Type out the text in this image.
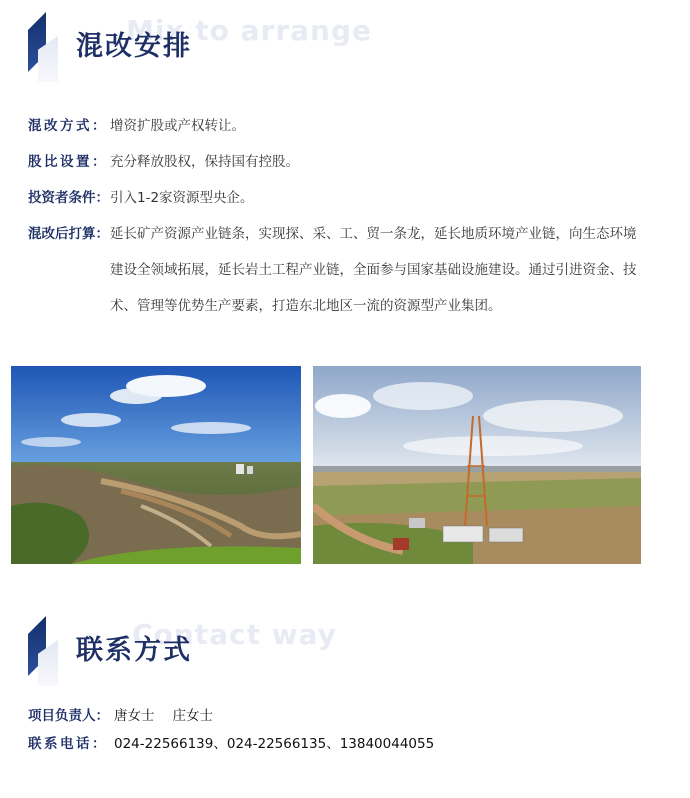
Mix to arrange
混改安排
混改方式： 增资扩股或产权转让。
股比设置： 充分释放股权，保持国有控股。
投资者条件： 引入1-2家资源型央企。
混改后打算： 延长矿产资源产业链条，实现探、采、工、贸一条龙，延长地质环境产业链，向生态环境建设全领域拓展，延长岩土工程产业链，全面参与国家基础设施建设。通过引进资金、技术、管理等优势生产要素，打造东北地区一流的资源型产业集团。
Contact way
联系方式
项目负责人： 唐女士 庄女士
联系电话： 024-22566139、024-22566135、13840044055
